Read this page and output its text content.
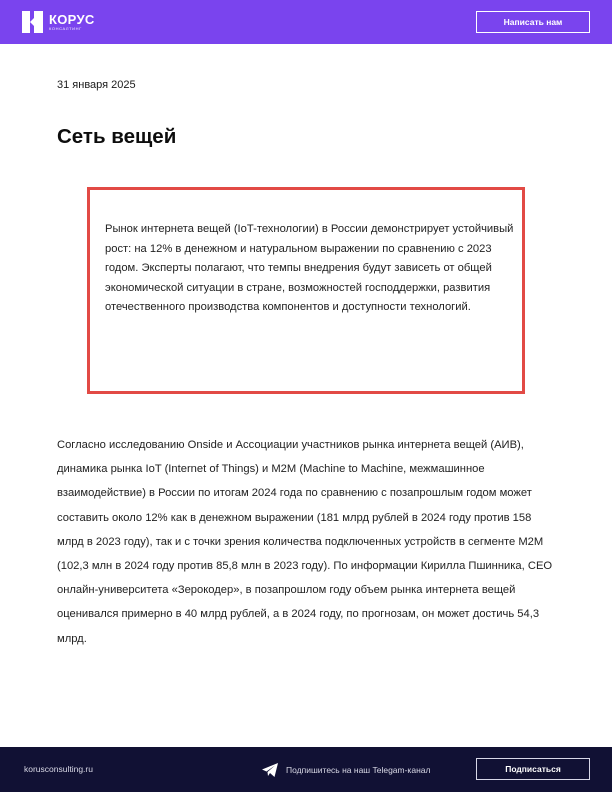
КОРУС
КОНСАЛТИНГ
Написать нам
31 января 2025
Сеть вещей

Рынок интернета вещей (IoT-технологии) в России демонстрирует устойчивый рост: на 12% в денежном и натуральном выражении по сравнению с 2023 годом. Эксперты полагают, что темпы внедрения будут зависеть от общей экономической ситуации в стране, возможностей господдержки, развития отечественного производства компонентов и доступности технологий.

Согласно исследованию Onside и Ассоциации участников рынка интернета вещей (АИВ), динамика рынка IoT (Internet of Things) и M2M (Machine to Machine, межмашинное взаимодействие) в России по итогам 2024 года по сравнению с позапрошлым годом может составить около 12% как в денежном выражении (181 млрд рублей в 2024 году против 158 млрд в 2023 году), так и с точки зрения количества подключенных устройств в сегменте M2M (102,3 млн в 2024 году против 85,8 млн в 2023 году). По информации Кирилла Пшинника, CEO онлайн-университета «Зерокодер», в позапрошлом году объем рынка интернета вещей оценивался примерно в 40 млрд рублей, а в 2024 году, по прогнозам, он может достичь 54,3 млрд.

korusconsulting.ru	Подпишитесь на наш Telegam-канал	Подписаться
